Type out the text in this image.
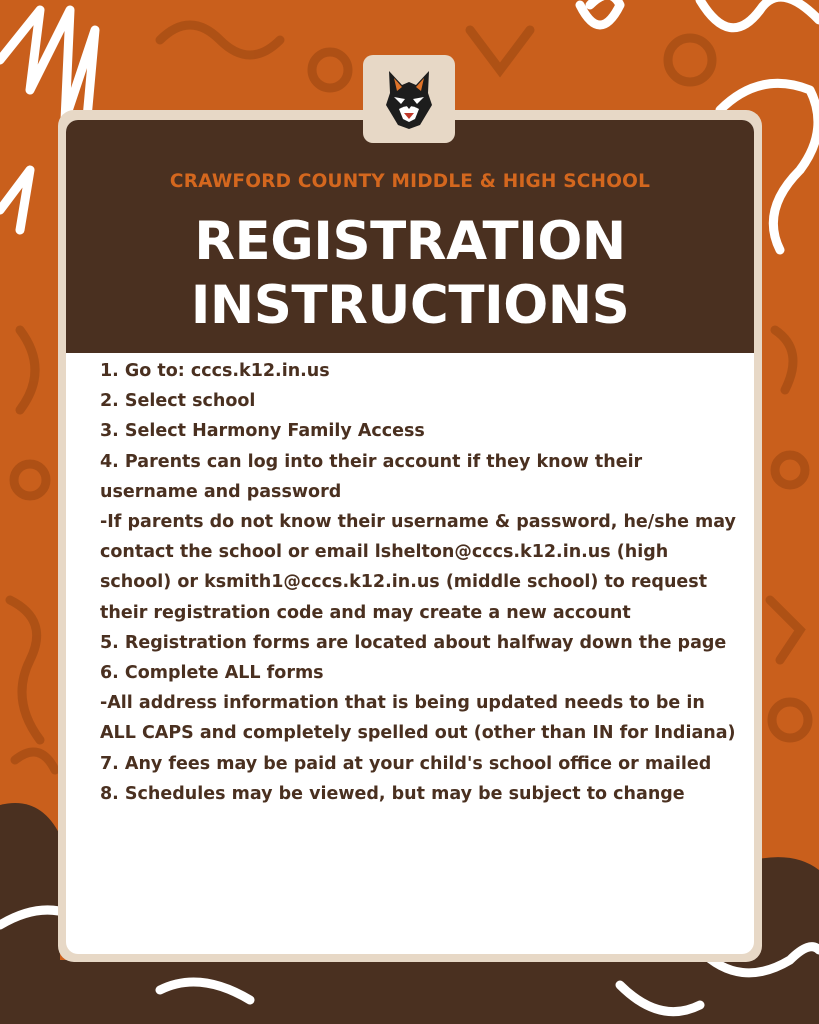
CRAWFORD COUNTY MIDDLE & HIGH SCHOOL
REGISTRATION
INSTRUCTIONS
1. Go to: cccs.k12.in.us
2. Select school
3. Select Harmony Family Access
4. Parents can log into their account if they know their username and password
-If parents do not know their username & password, he/she may contact the school or email lshelton@cccs.k12.in.us (high school) or ksmith1@cccs.k12.in.us (middle school) to request their registration code and may create a new account
5. Registration forms are located about halfway down the page
6. Complete ALL forms
-All address information that is being updated needs to be in ALL CAPS and completely spelled out (other than IN for Indiana)
7. Any fees may be paid at your child's school office or mailed
8. Schedules may be viewed, but may be subject to change
